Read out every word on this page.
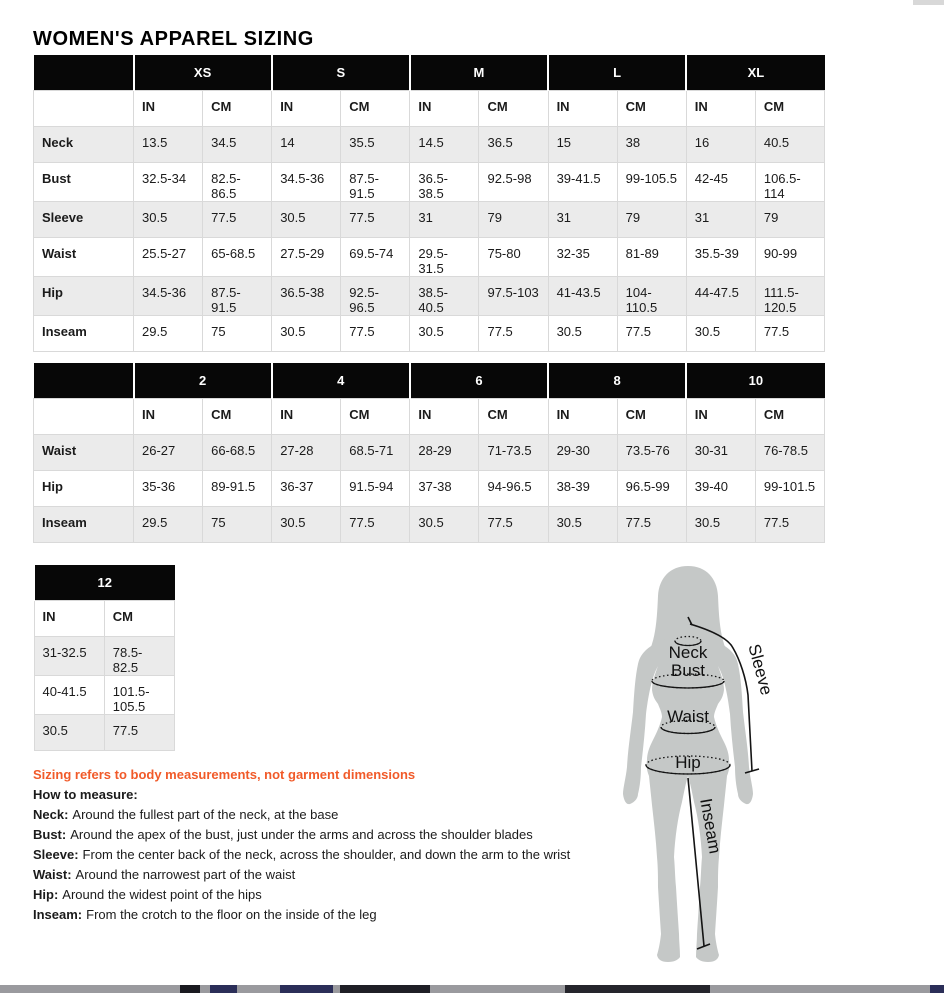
WOMEN'S APPAREL SIZING
	XS		S		M		L		XL	
	IN	CM	IN	CM	IN	CM	IN	CM	IN	CM
Neck	13.5	34.5	14	35.5	14.5	36.5	15	38	16	40.5
Bust	32.5-34	82.5-86.5	34.5-36	87.5-91.5	36.5-38.5	92.5-98	39-41.5	99-105.5	42-45	106.5-114
Sleeve	30.5	77.5	30.5	77.5	31	79	31	79	31	79
Waist	25.5-27	65-68.5	27.5-29	69.5-74	29.5-31.5	75-80	32-35	81-89	35.5-39	90-99
Hip	34.5-36	87.5-91.5	36.5-38	92.5-96.5	38.5-40.5	97.5-103	41-43.5	104-110.5	44-47.5	111.5-120.5
Inseam	29.5	75	30.5	77.5	30.5	77.5	30.5	77.5	30.5	77.5
	2		4		6		8		10	
	IN	CM	IN	CM	IN	CM	IN	CM	IN	CM
Waist	26-27	66-68.5	27-28	68.5-71	28-29	71-73.5	29-30	73.5-76	30-31	76-78.5
Hip	35-36	89-91.5	36-37	91.5-94	37-38	94-96.5	38-39	96.5-99	39-40	99-101.5
Inseam	29.5	75	30.5	77.5	30.5	77.5	30.5	77.5	30.5	77.5
12	
IN	CM
31-32.5	78.5-82.5
40-41.5	101.5-105.5
30.5	77.5
Sizing refers to body measurements, not garment dimensions
How to measure:
Neck: Around the fullest part of the neck, at the base
Bust: Around the apex of the bust, just under the arms and across the shoulder blades
Sleeve: From the center back of the neck, across the shoulder, and down the arm to the wrist
Waist: Around the narrowest part of the waist
Hip: Around the widest point of the hips
Inseam: From the crotch to the floor on the inside of the leg
Neck
Bust
Waist
Hip
Sleeve
Inseam
